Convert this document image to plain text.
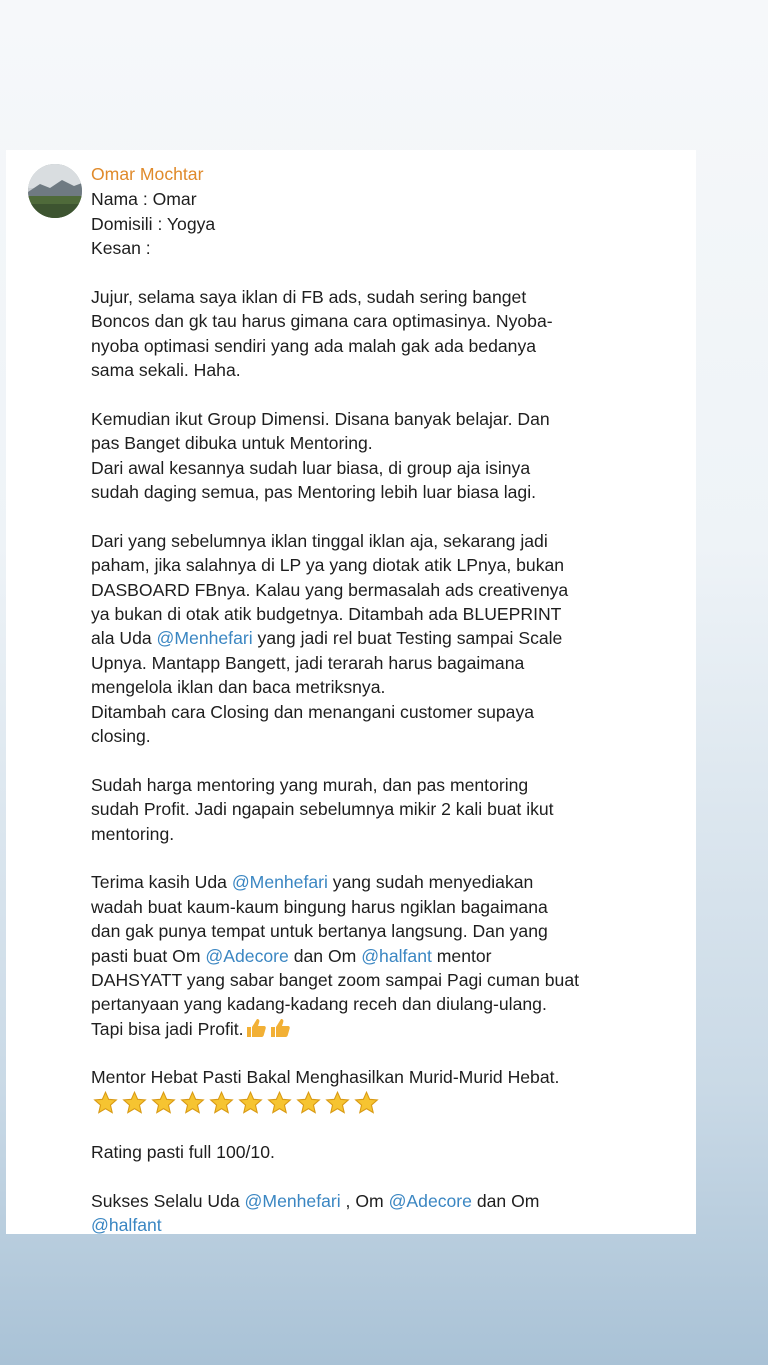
Omar Mochtar
Nama : Omar
Domisili : Yogya
Kesan :
Jujur, selama saya iklan di FB ads, sudah sering banget
Boncos dan gk tau harus gimana cara optimasinya. Nyoba-
nyoba optimasi sendiri yang ada malah gak ada bedanya
sama sekali. Haha.
Kemudian ikut Group Dimensi. Disana banyak belajar. Dan
pas Banget dibuka untuk Mentoring.
Dari awal kesannya sudah luar biasa, di group aja isinya
sudah daging semua, pas Mentoring lebih luar biasa lagi.
Dari yang sebelumnya iklan tinggal iklan aja, sekarang jadi
paham, jika salahnya di LP ya yang diotak atik LPnya, bukan
DASBOARD FBnya. Kalau yang bermasalah ads creativenya
ya bukan di otak atik budgetnya. Ditambah ada BLUEPRINT
ala Uda @Menhefari yang jadi rel buat Testing sampai Scale
Upnya. Mantapp Bangett, jadi terarah harus bagaimana
mengelola iklan dan baca metriksnya.
Ditambah cara Closing dan menangani customer supaya
closing.
Sudah harga mentoring yang murah, dan pas mentoring
sudah Profit. Jadi ngapain sebelumnya mikir 2 kali buat ikut
mentoring.
Terima kasih Uda @Menhefari yang sudah menyediakan
wadah buat kaum-kaum bingung harus ngiklan bagaimana
dan gak punya tempat untuk bertanya langsung. Dan yang
pasti buat Om @Adecore dan Om @halfant mentor
DAHSYATT yang sabar banget zoom sampai Pagi cuman buat
pertanyaan yang kadang-kadang receh dan diulang-ulang.
Tapi bisa jadi Profit.
Mentor Hebat Pasti Bakal Menghasilkan Murid-Murid Hebat.
Rating pasti full 100/10.
Sukses Selalu Uda @Menhefari , Om @Adecore dan Om
@halfant
